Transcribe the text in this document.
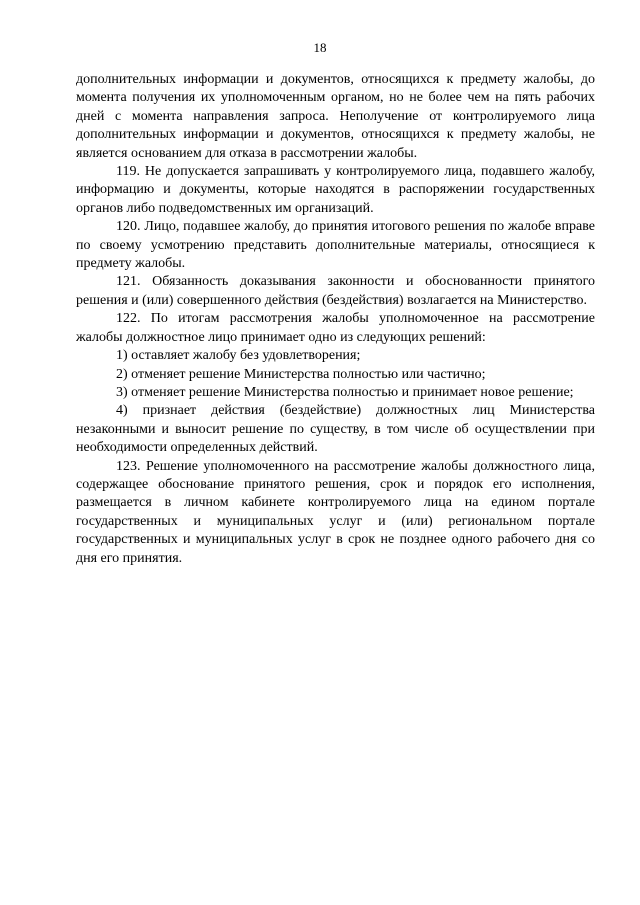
18

дополнительных информации и документов, относящихся к предмету жалобы, до момента получения их уполномоченным органом, но не более чем на пять рабочих дней с момента направления запроса. Неполучение от контролируемого лица дополнительных информации и документов, относящихся к предмету жалобы, не является основанием для отказа в рассмотрении жалобы.

119. Не допускается запрашивать у контролируемого лица, подавшего жалобу, информацию и документы, которые находятся в распоряжении государственных органов либо подведомственных им организаций.

120. Лицо, подавшее жалобу, до принятия итогового решения по жалобе вправе по своему усмотрению представить дополнительные материалы, относящиеся к предмету жалобы.

121. Обязанность доказывания законности и обоснованности принятого решения и (или) совершенного действия (бездействия) возлагается на Министерство.

122. По итогам рассмотрения жалобы уполномоченное на рассмотрение жалобы должностное лицо принимает одно из следующих решений:

1) оставляет жалобу без удовлетворения;

2) отменяет решение Министерства полностью или частично;

3) отменяет решение Министерства полностью и принимает новое решение;

4) признает действия (бездействие) должностных лиц Министерства незаконными и выносит решение по существу, в том числе об осуществлении при необходимости определенных действий.

123. Решение уполномоченного на рассмотрение жалобы должностного лица, содержащее обоснование принятого решения, срок и порядок его исполнения, размещается в личном кабинете контролируемого лица на едином портале государственных и муниципальных услуг и (или) региональном портале государственных и муниципальных услуг в срок не позднее одного рабочего дня со дня его принятия.
